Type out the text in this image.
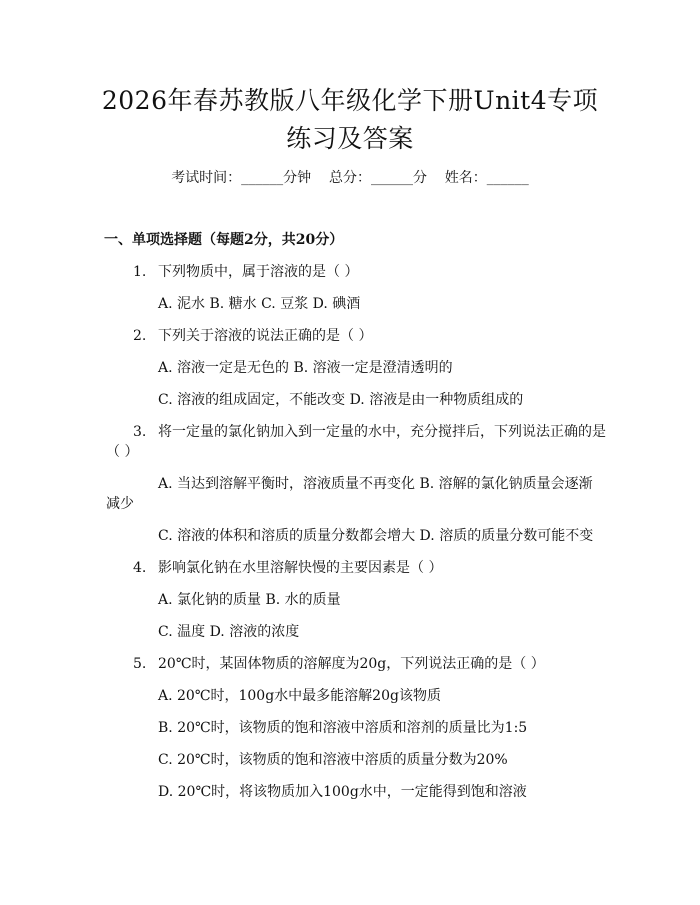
2026年春苏教版八年级化学下册Unit4专项
练习及答案
考试时间：______分钟    总分：______分    姓名：______
一、单项选择题（每题2分，共20分）
1. 下列物质中，属于溶液的是（ ）
A. 泥水 B. 糖水 C. 豆浆 D. 碘酒
2. 下列关于溶液的说法正确的是（ ）
A. 溶液一定是无色的 B. 溶液一定是澄清透明的
C. 溶液的组成固定，不能改变 D. 溶液是由一种物质组成的
3. 将一定量的氯化钠加入到一定量的水中，充分搅拌后，下列说法正确的是
（ ）
A. 当达到溶解平衡时，溶液质量不再变化 B. 溶解的氯化钠质量会逐渐
减少
C. 溶液的体积和溶质的质量分数都会增大 D. 溶质的质量分数可能不变
4. 影响氯化钠在水里溶解快慢的主要因素是（ ）
A. 氯化钠的质量 B. 水的质量
C. 温度 D. 溶液的浓度
5. 20℃时，某固体物质的溶解度为20g，下列说法正确的是（ ）
A. 20℃时，100g水中最多能溶解20g该物质
B. 20℃时，该物质的饱和溶液中溶质和溶剂的质量比为1:5
C. 20℃时，该物质的饱和溶液中溶质的质量分数为20%
D. 20℃时，将该物质加入100g水中，一定能得到饱和溶液
